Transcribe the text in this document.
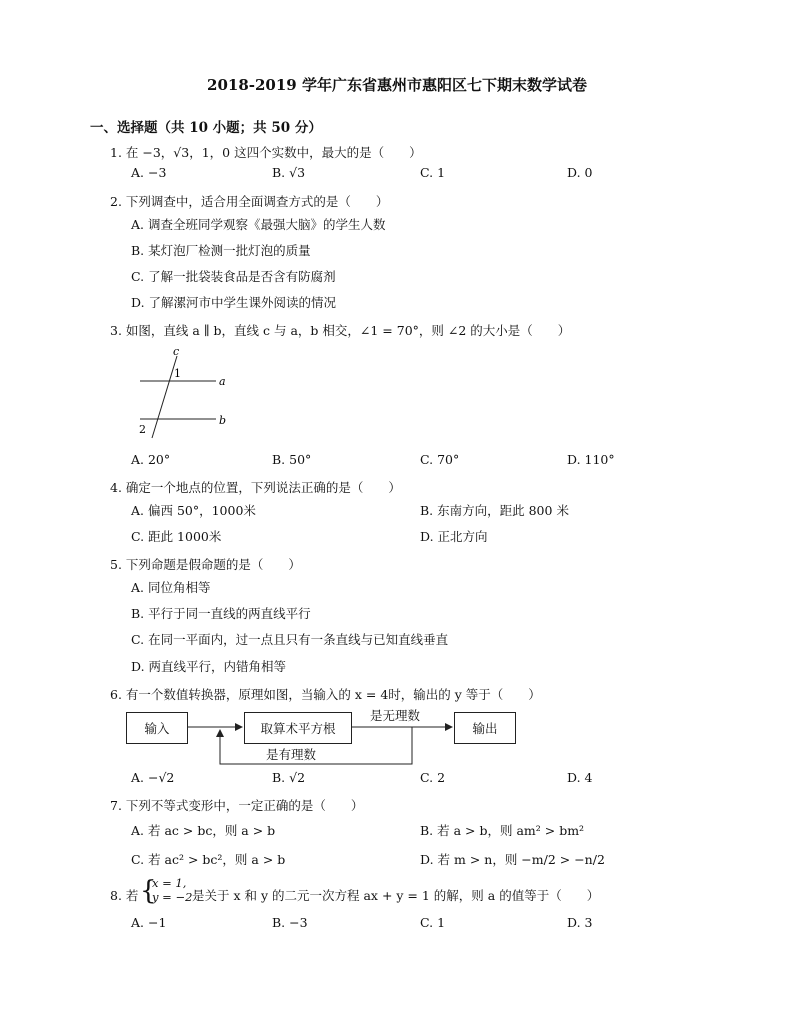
2018-2019 学年广东省惠州市惠阳区七下期末数学试卷
一、选择题（共 10 小题；共 50 分）
1. 在 −3，√3，1，0 这四个实数中，最大的是（　　）
A. −3	B. √3	C. 1	D. 0
2. 下列调查中，适合用全面调查方式的是（　　）
A. 调查全班同学观察《最强大脑》的学生人数
B. 某灯泡厂检测一批灯泡的质量
C. 了解一批袋装食品是否含有防腐剂
D. 了解漯河市中学生课外阅读的情况
3. 如图，直线 a ∥ b，直线 c 与 a，b 相交，∠1 = 70°，则 ∠2 的大小是（　　）
c
1
a
b
2
A. 20°	B. 50°	C. 70°	D. 110°
4. 确定一个地点的位置，下列说法正确的是（　　）
A. 偏西 50°，1000米	B. 东南方向，距此 800 米
C. 距此 1000米	D. 正北方向
5. 下列命题是假命题的是（　　）
A. 同位角相等
B. 平行于同一直线的两直线平行
C. 在同一平面内，过一点且只有一条直线与已知直线垂直
D. 两直线平行，内错角相等
6. 有一个数值转换器，原理如图，当输入的 x = 4时，输出的 y 等于（　　）
输入	取算术平方根	输出
是无理数
是有理数
A. −√2	B. √2	C. 2	D. 4
7. 下列不等式变形中，一定正确的是（　　）
A. 若 ac > bc，则 a > b	B. 若 a > b，则 am² > bm²
C. 若 ac² > bc²，则 a > b	D. 若 m > n，则 −m/2 > −n/2
8. 若 {
x = 1,
y = −2 是关于 x 和 y 的二元一次方程 ax + y = 1 的解，则 a 的值等于（　　）
A. −1	B. −3	C. 1	D. 3
